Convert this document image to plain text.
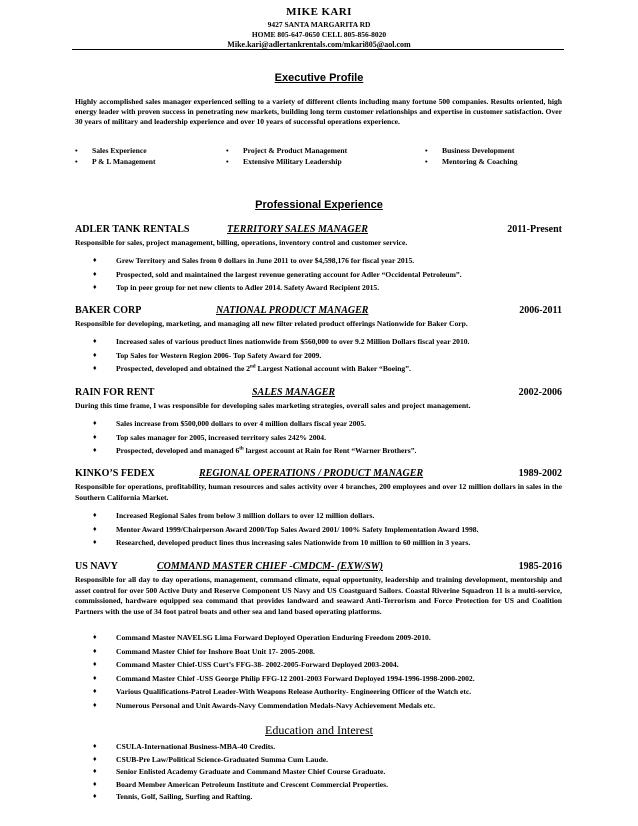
MIKE KARI
9427 SANTA MARGARITA RD
HOME 805-647-0650 CELL 805-856-8020
Mike.kari@adlertankrentals.com/mkari805@aol.com
Executive Profile
Highly accomplished sales manager experienced selling to a variety of different clients including many fortune 500 companies. Results oriented, high energy leader with proven success in penetrating new markets, building long term customer relationships and expertise in customer satisfaction. Over 30 years of military and leadership experience and over 10 years of successful operations experience.
• Sales Experience	• Project & Product Management	• Business Development
• P & L Management	• Extensive Military Leadership	• Mentoring & Coaching
Professional Experience
ADLER TANK RENTALS	TERRITORY SALES MANAGER	2011-Present
Responsible for sales, project management, billing, operations, inventory control and customer service.
♦	Grew Territory and Sales from 0 dollars in June 2011 to over $4,598,176 for fiscal year 2015.
♦	Prospected, sold and maintained the largest revenue generating account for Adler “Occidental Petroleum”.
♦	Top in peer group for net new clients to Adler 2014. Safety Award Recipient 2015.
BAKER CORP	NATIONAL PRODUCT MANAGER	2006-2011
Responsible for developing, marketing, and managing all new filter related product offerings Nationwide for Baker Corp.
♦	Increased sales of various product lines nationwide from $560,000 to over 9.2 Million Dollars fiscal year 2010.
♦	Top Sales for Western Region 2006- Top Safety Award for 2009.
♦	Prospected, developed and obtained the 2nd Largest National account with Baker “Boeing”.
RAIN FOR RENT	SALES MANAGER	2002-2006
During this time frame, I was responsible for developing sales marketing strategies, overall sales and project management.
♦	Sales increase from $500,000 dollars to over 4 million dollars fiscal year 2005.
♦	Top sales manager for 2005, increased territory sales 242% 2004.
♦	Prospected, developed and managed 6th largest account at Rain for Rent “Warner Brothers”.
KINKO’S FEDEX	REGIONAL OPERATIONS / PRODUCT MANAGER	1989-2002
Responsible for operations, profitability, human resources and sales activity over 4 branches, 200 employees and over 12 million dollars in sales in the Southern California Market.
♦	Increased Regional Sales from below 3 million dollars to over 12 million dollars.
♦	Mentor Award 1999/Chairperson Award 2000/Top Sales Award 2001/ 100% Safety Implementation Award 1998.
♦	Researched, developed product lines thus increasing sales Nationwide from 10 million to 60 million in 3 years.
US NAVY	COMMAND MASTER CHIEF -CMDCM- (EXW/SW)	1985-2016
Responsible for all day to day operations, management, command climate, equal opportunity, leadership and training development, mentorship and asset control for over 500 Active Duty and Reserve Component US Navy and US Coastguard Sailors. Coastal Riverine Squadron 11 is a multi-service, commissioned, hardware equipped sea command that provides landward and seaward Anti-Terrorism and Force Protection for US and Coalition Partners with the use of 34 foot patrol boats and other sea and land based operating platforms.
♦	Command Master NAVELSG Lima Forward Deployed Operation Enduring Freedom 2009-2010.
♦	Command Master Chief for Inshore Boat Unit 17- 2005-2008.
♦	Command Master Chief-USS Curt’s FFG-38- 2002-2005-Forward Deployed 2003-2004.
♦	Command Master Chief -USS George Philip FFG-12 2001-2003 Forward Deployed 1994-1996-1998-2000-2002.
♦	Various Qualifications-Patrol Leader-With Weapons Release Authority- Engineering Officer of the Watch etc.
♦	Numerous Personal and Unit Awards-Navy Commendation Medals-Navy Achievement Medals etc.
Education and Interest
♦	CSULA-International Business-MBA-40 Credits.
♦	CSUB-Pre Law/Political Science-Graduated Summa Cum Laude.
♦	Senior Enlisted Academy Graduate and Command Master Chief Course Graduate.
♦	Board Member American Petroleum Institute and Crescent Commercial Properties.
♦	Tennis, Golf, Sailing, Surfing and Rafting.
